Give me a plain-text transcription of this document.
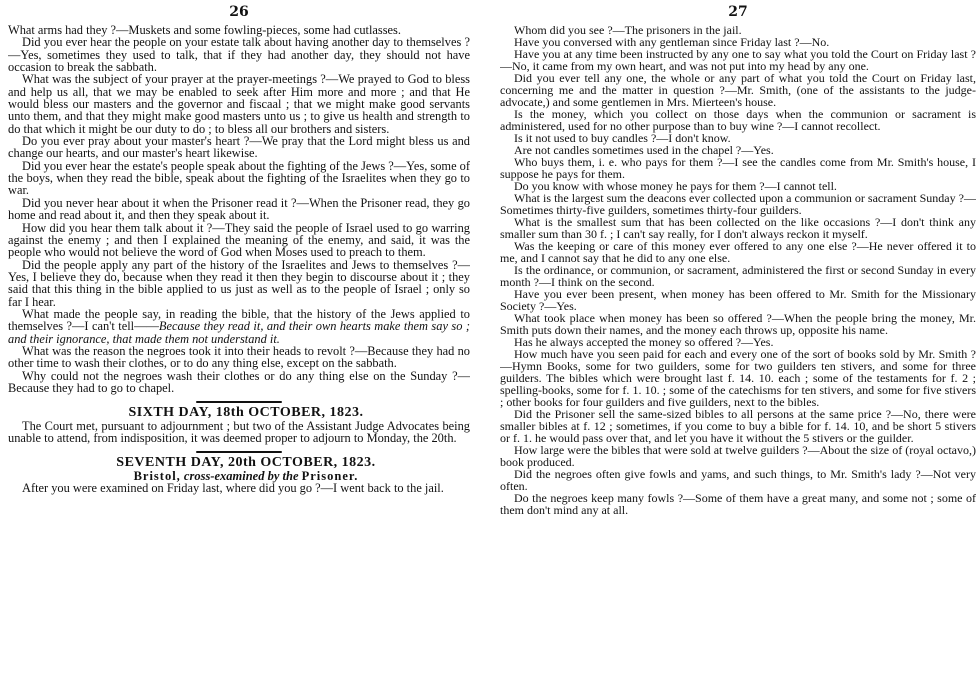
26

What arms had they ?—Muskets and some fowling-pieces, some had cutlasses.

Did you ever hear the people on your estate talk about having another day to themselves ?—Yes, sometimes they used to talk, that if they had another day, they should not have occasion to break the sabbath.

What was the subject of your prayer at the prayer-meetings ?—We prayed to God to bless and help us all, that we may be enabled to seek after Him more and more ; and that He would bless our masters and the governor and fiscaal ; that we might make good servants unto them, and that they might make good masters unto us ; to give us health and strength to do that which it might be our duty to do ; to bless all our brothers and sisters.

Do you ever pray about your master's heart ?—We pray that the Lord might bless us and change our hearts, and our master's heart likewise.

Did you ever hear the estate's people speak about the fighting of the Jews ?—Yes, some of the boys, when they read the bible, speak about the fighting of the Israelites when they go to war.

Did you never hear about it when the Prisoner read it ?—When the Prisoner read, they go home and read about it, and then they speak about it.

How did you hear them talk about it ?—They said the people of Israel used to go warring against the enemy ; and then I explained the meaning of the enemy, and said, it was the people who would not believe the word of God when Moses used to preach to them.

Did the people apply any part of the history of the Israelites and Jews to themselves ?—Yes, I believe they do, because when they read it then they begin to discourse about it ; they said that this thing in the bible applied to us just as well as to the people of Israel ; only so far I hear.

What made the people say, in reading the bible, that the history of the Jews applied to themselves ?—I can't tell——Because they read it, and their own hearts make them say so ; and their ignorance, that made them not understand it.

What was the reason the negroes took it into their heads to revolt ?—Because they had no other time to wash their clothes, or to do any thing else, except on the sabbath.

Why could not the negroes wash their clothes or do any thing else on the Sunday ?—Because they had to go to chapel.

SIXTH DAY, 18th OCTOBER, 1823.

The Court met, pursuant to adjournment ; but two of the Assistant Judge Advocates being unable to attend, from indisposition, it was deemed proper to adjourn to Monday, the 20th.

SEVENTH DAY, 20th OCTOBER, 1823.

Bristol, cross-examined by the Prisoner.

After you were examined on Friday last, where did you go ?—I went back to the jail.

27

Whom did you see ?—The prisoners in the jail.

Have you conversed with any gentleman since Friday last ?—No.

Have you at any time been instructed by any one to say what you told the Court on Friday last ?—No, it came from my own heart, and was not put into my head by any one.

Did you ever tell any one, the whole or any part of what you told the Court on Friday last, concerning me and the matter in question ?—Mr. Smith, (one of the assistants to the judge-advocate,) and some gentlemen in Mrs. Mierteen's house.

Is the money, which you collect on those days when the communion or sacrament is administered, used for no other purpose than to buy wine ?—I cannot recollect.

Is it not used to buy candles ?—I don't know.

Are not candles sometimes used in the chapel ?—Yes.

Who buys them, i. e. who pays for them ?—I see the candles come from Mr. Smith's house, I suppose he pays for them.

Do you know with whose money he pays for them ?—I cannot tell.

What is the largest sum the deacons ever collected upon a communion or sacrament Sunday ?—Sometimes thirty-five guilders, sometimes thirty-four guilders.

What is the smallest sum that has been collected on the like occasions ?—I don't think any smaller sum than 30 f. ; I can't say really, for I don't always reckon it myself.

Was the keeping or care of this money ever offered to any one else ?—He never offered it to me, and I cannot say that he did to any one else.

Is the ordinance, or communion, or sacrament, administered the first or second Sunday in every month ?—I think on the second.

Have you ever been present, when money has been offered to Mr. Smith for the Missionary Society ?—Yes.

What took place when money has been so offered ?—When the people bring the money, Mr. Smith puts down their names, and the money each throws up, opposite his name.

Has he always accepted the money so offered ?—Yes.

How much have you seen paid for each and every one of the sort of books sold by Mr. Smith ?—Hymn Books, some for two guilders, some for two guilders ten stivers, and some for three guilders. The bibles which were brought last f. 14. 10. each ; some of the testaments for f. 2 ; spelling-books, some for f. 1. 10. ; some of the catechisms for ten stivers, and some for five stivers ; other books for four guilders and five guilders, next to the bibles.

Did the Prisoner sell the same-sized bibles to all persons at the same price ?—No, there were smaller bibles at f. 12 ; sometimes, if you come to buy a bible for f. 14. 10, and be short 5 stivers or f. 1. he would pass over that, and let you have it without the 5 stivers or the guilder.

How large were the bibles that were sold at twelve guilders ?—About the size of (royal octavo,) book produced.

Did the negroes often give fowls and yams, and such things, to Mr. Smith's lady ?—Not very often.

Do the negroes keep many fowls ?—Some of them have a great many, and some not ; some of them don't mind any at all.
